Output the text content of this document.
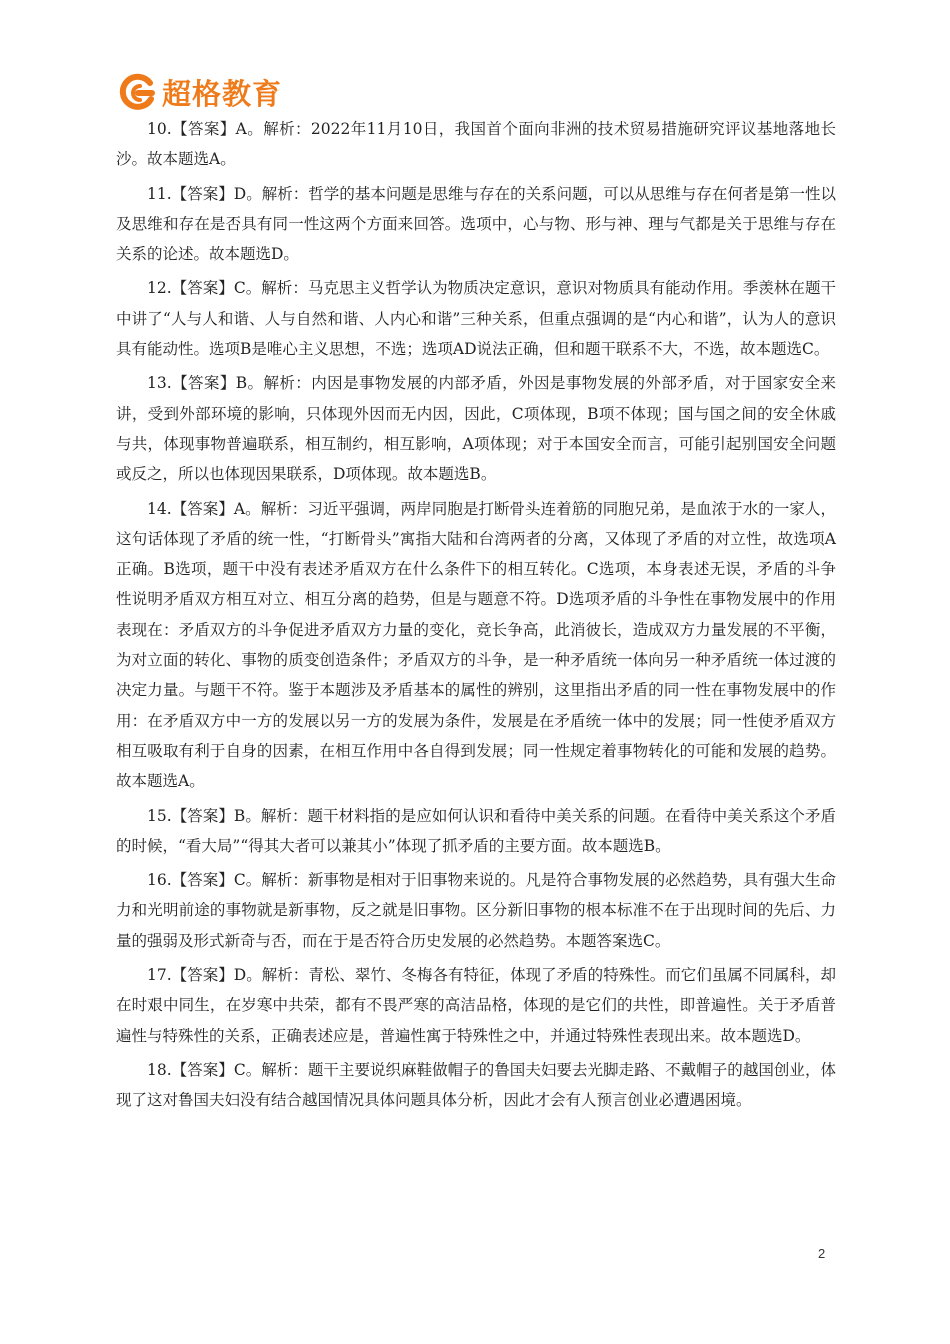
超格教育

10.【答案】A。解析：2022年11月10日，我国首个面向非洲的技术贸易措施研究评议基地落地长沙。故本题选A。

11.【答案】D。解析：哲学的基本问题是思维与存在的关系问题，可以从思维与存在何者是第一性以及思维和存在是否具有同一性这两个方面来回答。选项中，心与物、形与神、理与气都是关于思维与存在关系的论述。故本题选D。

12.【答案】C。解析：马克思主义哲学认为物质决定意识，意识对物质具有能动作用。季羡林在题干中讲了“人与人和谐、人与自然和谐、人内心和谐”三种关系，但重点强调的是“内心和谐”，认为人的意识具有能动性。选项B是唯心主义思想，不选；选项AD说法正确，但和题干联系不大，不选，故本题选C。

13.【答案】B。解析：内因是事物发展的内部矛盾，外因是事物发展的外部矛盾，对于国家安全来讲，受到外部环境的影响，只体现外因而无内因，因此，C项体现，B项不体现；国与国之间的安全休戚与共，体现事物普遍联系，相互制约，相互影响，A项体现；对于本国安全而言，可能引起别国安全问题或反之，所以也体现因果联系，D项体现。故本题选B。

14.【答案】A。解析：习近平强调，两岸同胞是打断骨头连着筋的同胞兄弟，是血浓于水的一家人，这句话体现了矛盾的统一性，“打断骨头”寓指大陆和台湾两者的分离，又体现了矛盾的对立性，故选项A正确。B选项，题干中没有表述矛盾双方在什么条件下的相互转化。C选项，本身表述无误，矛盾的斗争性说明矛盾双方相互对立、相互分离的趋势，但是与题意不符。D选项矛盾的斗争性在事物发展中的作用表现在：矛盾双方的斗争促进矛盾双方力量的变化，竞长争高，此消彼长，造成双方力量发展的不平衡，为对立面的转化、事物的质变创造条件；矛盾双方的斗争，是一种矛盾统一体向另一种矛盾统一体过渡的决定力量。与题干不符。鉴于本题涉及矛盾基本的属性的辨别，这里指出矛盾的同一性在事物发展中的作用：在矛盾双方中一方的发展以另一方的发展为条件，发展是在矛盾统一体中的发展；同一性使矛盾双方相互吸取有利于自身的因素，在相互作用中各自得到发展；同一性规定着事物转化的可能和发展的趋势。故本题选A。

15.【答案】B。解析：题干材料指的是应如何认识和看待中美关系的问题。在看待中美关系这个矛盾的时候，“看大局”“得其大者可以兼其小”体现了抓矛盾的主要方面。故本题选B。

16.【答案】C。解析：新事物是相对于旧事物来说的。凡是符合事物发展的必然趋势，具有强大生命力和光明前途的事物就是新事物，反之就是旧事物。区分新旧事物的根本标准不在于出现时间的先后、力量的强弱及形式新奇与否，而在于是否符合历史发展的必然趋势。本题答案选C。

17.【答案】D。解析：青松、翠竹、冬梅各有特征，体现了矛盾的特殊性。而它们虽属不同属科，却在时艰中同生，在岁寒中共荣，都有不畏严寒的高洁品格，体现的是它们的共性，即普遍性。关于矛盾普遍性与特殊性的关系，正确表述应是，普遍性寓于特殊性之中，并通过特殊性表现出来。故本题选D。

18.【答案】C。解析：题干主要说织麻鞋做帽子的鲁国夫妇要去光脚走路、不戴帽子的越国创业，体现了这对鲁国夫妇没有结合越国情况具体问题具体分析，因此才会有人预言创业必遭遇困境。

2
